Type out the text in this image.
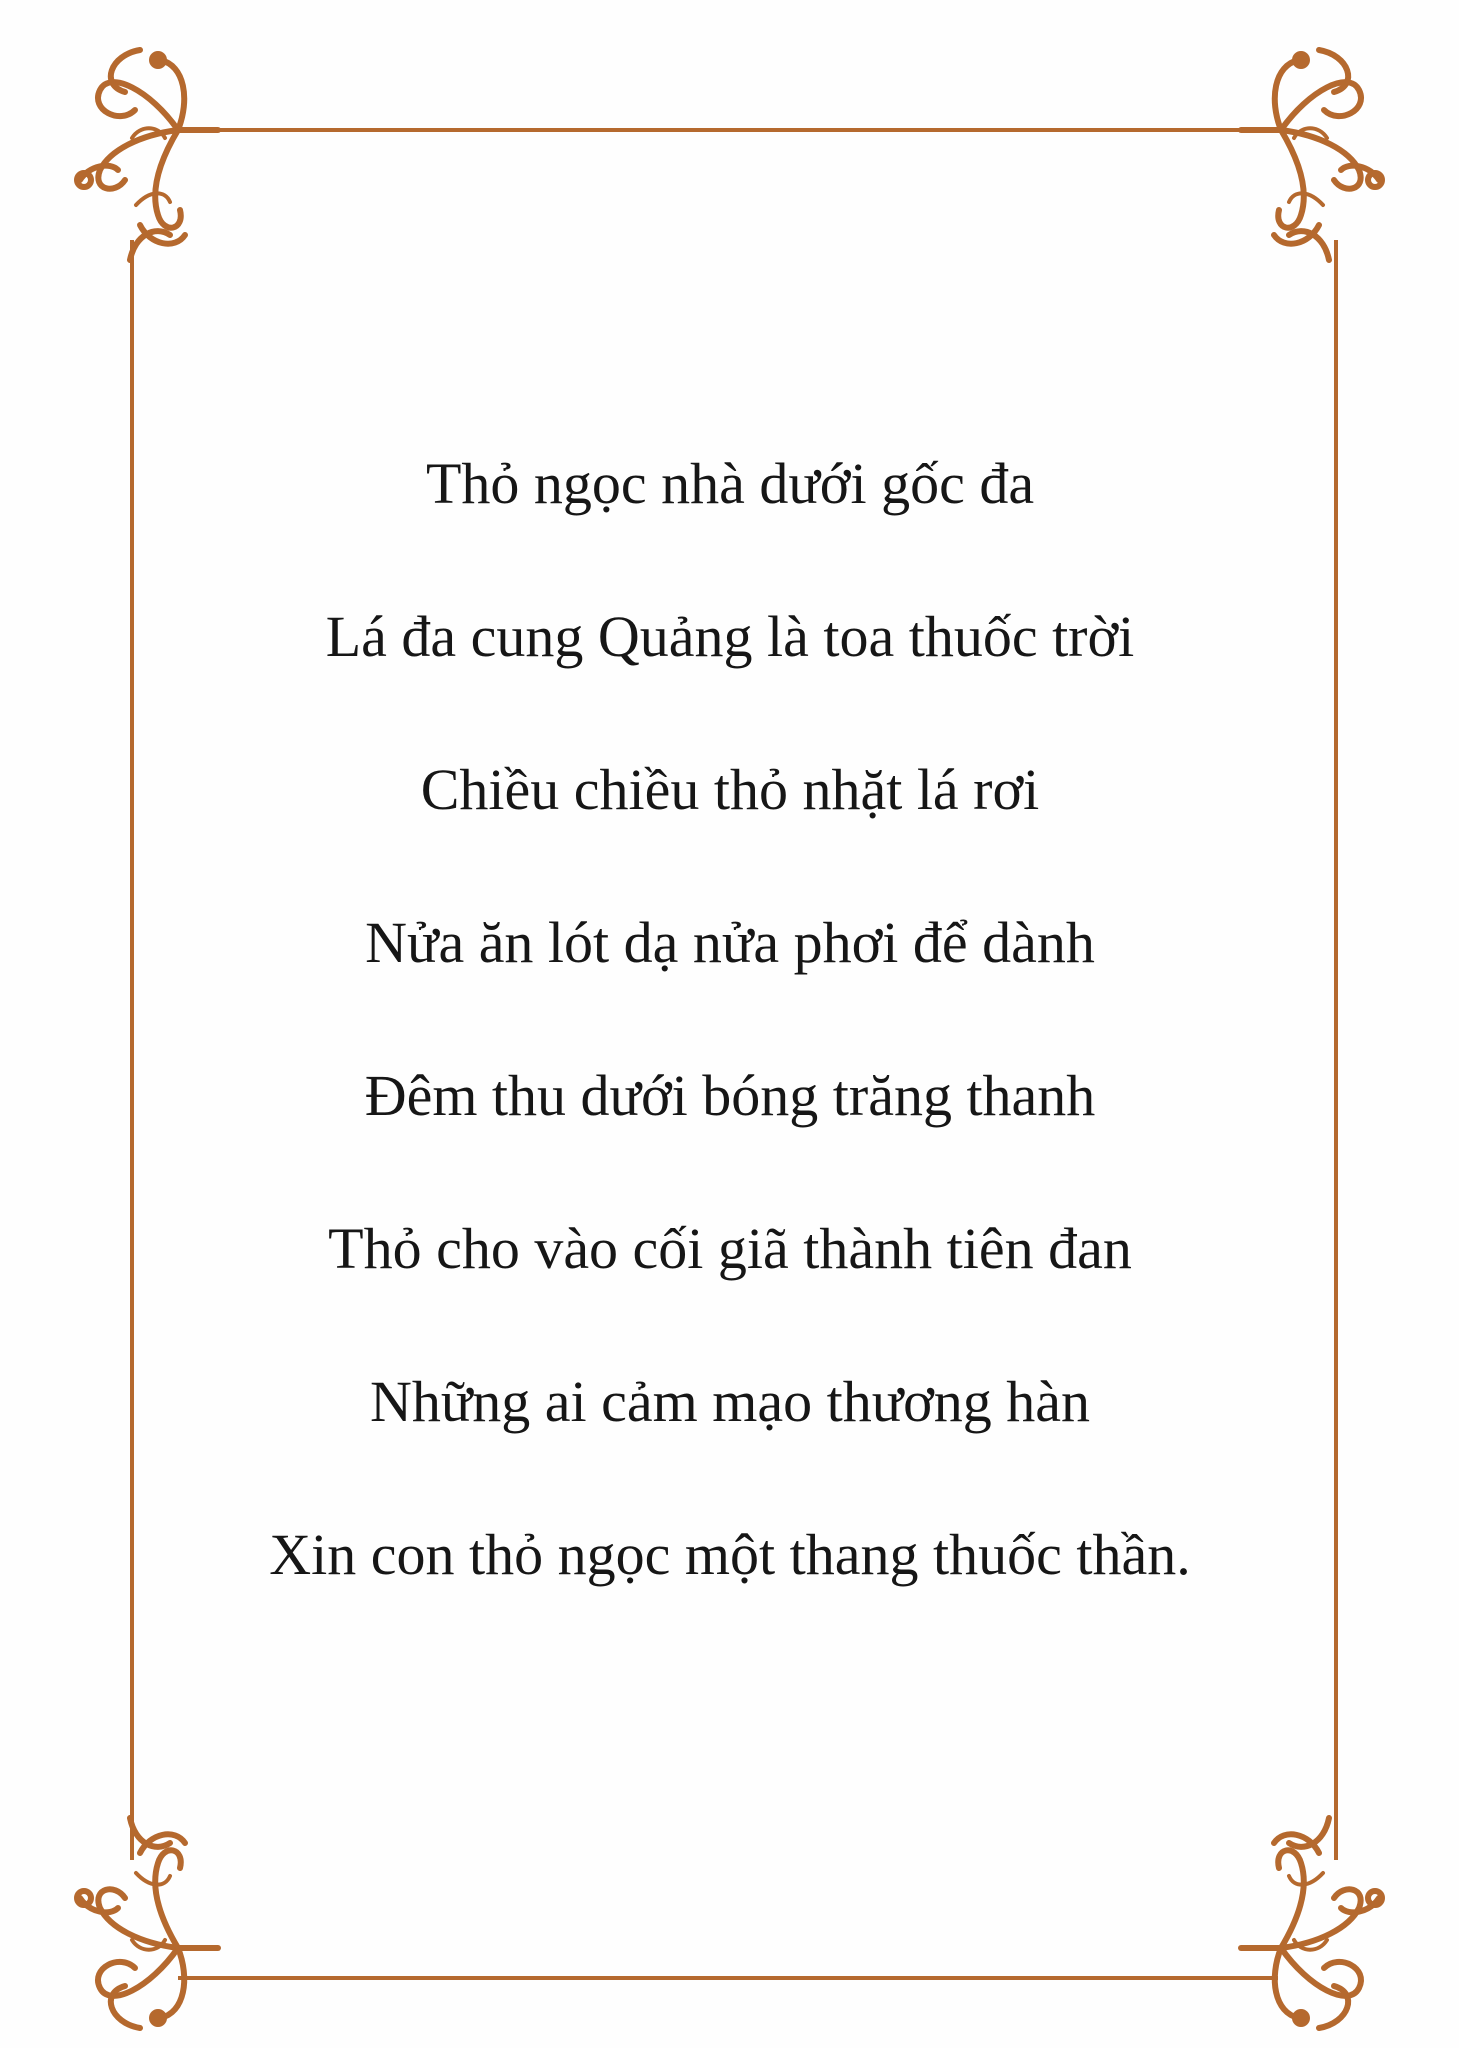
Thỏ ngọc nhà dưới gốc đa
Lá đa cung Quảng là toa thuốc trời
Chiều chiều thỏ nhặt lá rơi
Nửa ăn lót dạ nửa phơi để dành
Đêm thu dưới bóng trăng thanh
Thỏ cho vào cối giã thành tiên đan
Những ai cảm mạo thương hàn
Xin con thỏ ngọc một thang thuốc thần.
